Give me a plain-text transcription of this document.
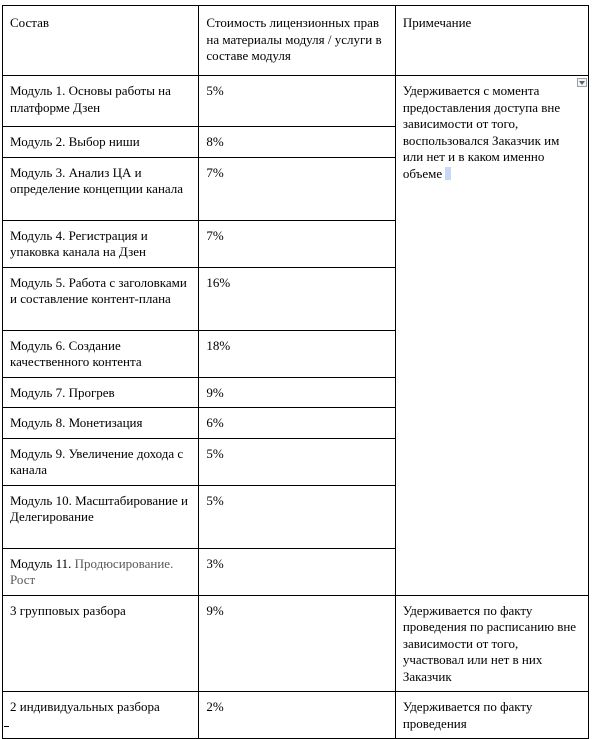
Состав	Стоимость лицензионных прав на материалы модуля / услуги в составе модуля	Примечание
Модуль 1. Основы работы на платформе Дзен	5%	Удерживается с момента предоставления доступа вне зависимости от того, воспользовался Заказчик им или нет и в каком именно объеме

Модуль 2. Выбор ниши	8%	
Модуль 3. Анализ ЦА и определение концепции канала	7%	
Модуль 4. Регистрация и упаковка канала на Дзен	7%	
Модуль 5. Работа с заголовками и составление контент-плана	16%	
Модуль 6. Создание качественного контента	18%	
Модуль 7. Прогрев	9%	
Модуль 8. Монетизация	6%	
Модуль 9. Увеличение дохода с канала	5%	
Модуль 10. Масштабирование и Делегирование	5%	
Модуль 11. Продюсирование. Рост	3%	
3 групповых разбора	9%	Удерживается по факту проведения по расписанию вне зависимости от того, участвовал или нет в них Заказчик
2 индивидуальных разбора	2%	Удерживается по факту проведения
